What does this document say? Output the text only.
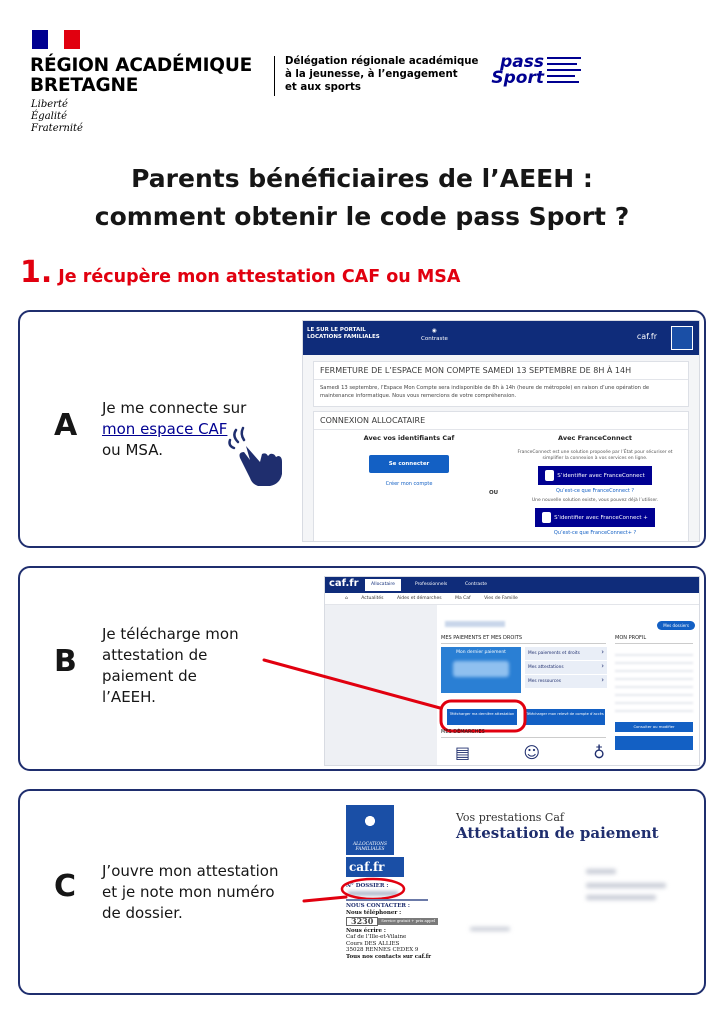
RÉGION ACADÉMIQUE
BRETAGNE
Liberté
Égalité
Fraternité
Délégation régionale académique
à la jeunesse, à l’engagement
et aux sports
pass
Sport
Parents bénéficiaires de l’AEEH :
comment obtenir le code pass Sport ?
1. Je récupère mon attestation CAF ou MSA
A Je me connecte sur
mon espace CAF
ou MSA.
LE SUR LE PORTAIL
LOCATIONS FAMILIALES
◉
Contraste	caf.fr
FERMETURE DE L’ESPACE MON COMPTE SAMEDI 13 SEPTEMBRE DE 8H À 14H
Samedi 13 septembre, l’Espace Mon Compte sera indisponible de 8h à 14h (heure de métropole) en raison d’une opération de maintenance informatique. Nous vous remercions de votre compréhension.
CONNEXION ALLOCATAIRE
Avec vos identifiants Caf
Se connecter
Créer mon compte
OU
Avec FranceConnect
FranceConnect est une solution proposée par l’État pour sécuriser et simplifier la connexion à vos services en ligne.
S’identifier avec FranceConnect
Qu’est-ce que FranceConnect ?
Une nouvelle solution existe, vous pouvez déjà l’utiliser.
S’identifier avec FranceConnect +
Qu’est-ce que FranceConnect+ ?
B
Je télécharge mon
attestation de
paiement de
l’AEEH.
caf.fr	Allocataire	Professionnels	Contraste
⌂	Actualités	Aides et démarches	Ma Caf	Vies de Famille
Mes dossiers
MES PAIEMENTS ET MES DROITS
Mon dernier paiement	Mes paiements et droits ›
Mes attestations ›
Mes ressources ›
Télécharger ma dernière attestation	Télécharger mon relevé de compte d’accès
MES DÉMARCHES
▤	☺	♁
MON PROFIL
Consulter ou modifier
C J’ouvre mon attestation
et je note mon numéro
de dossier.
ALLOCATIONS FAMILIALES
caf.fr
N° DOSSIER :
NOUS CONTACTER :
Nous téléphoner :
3230	Service gratuit + prix appel
Nous écrire :
Caf de l’Ille-et-Vilaine
Cours DES ALLIES
35028 RENNES CEDEX 9
Tous nos contacts sur caf.fr
Vos prestations Caf
Attestation de paiement
